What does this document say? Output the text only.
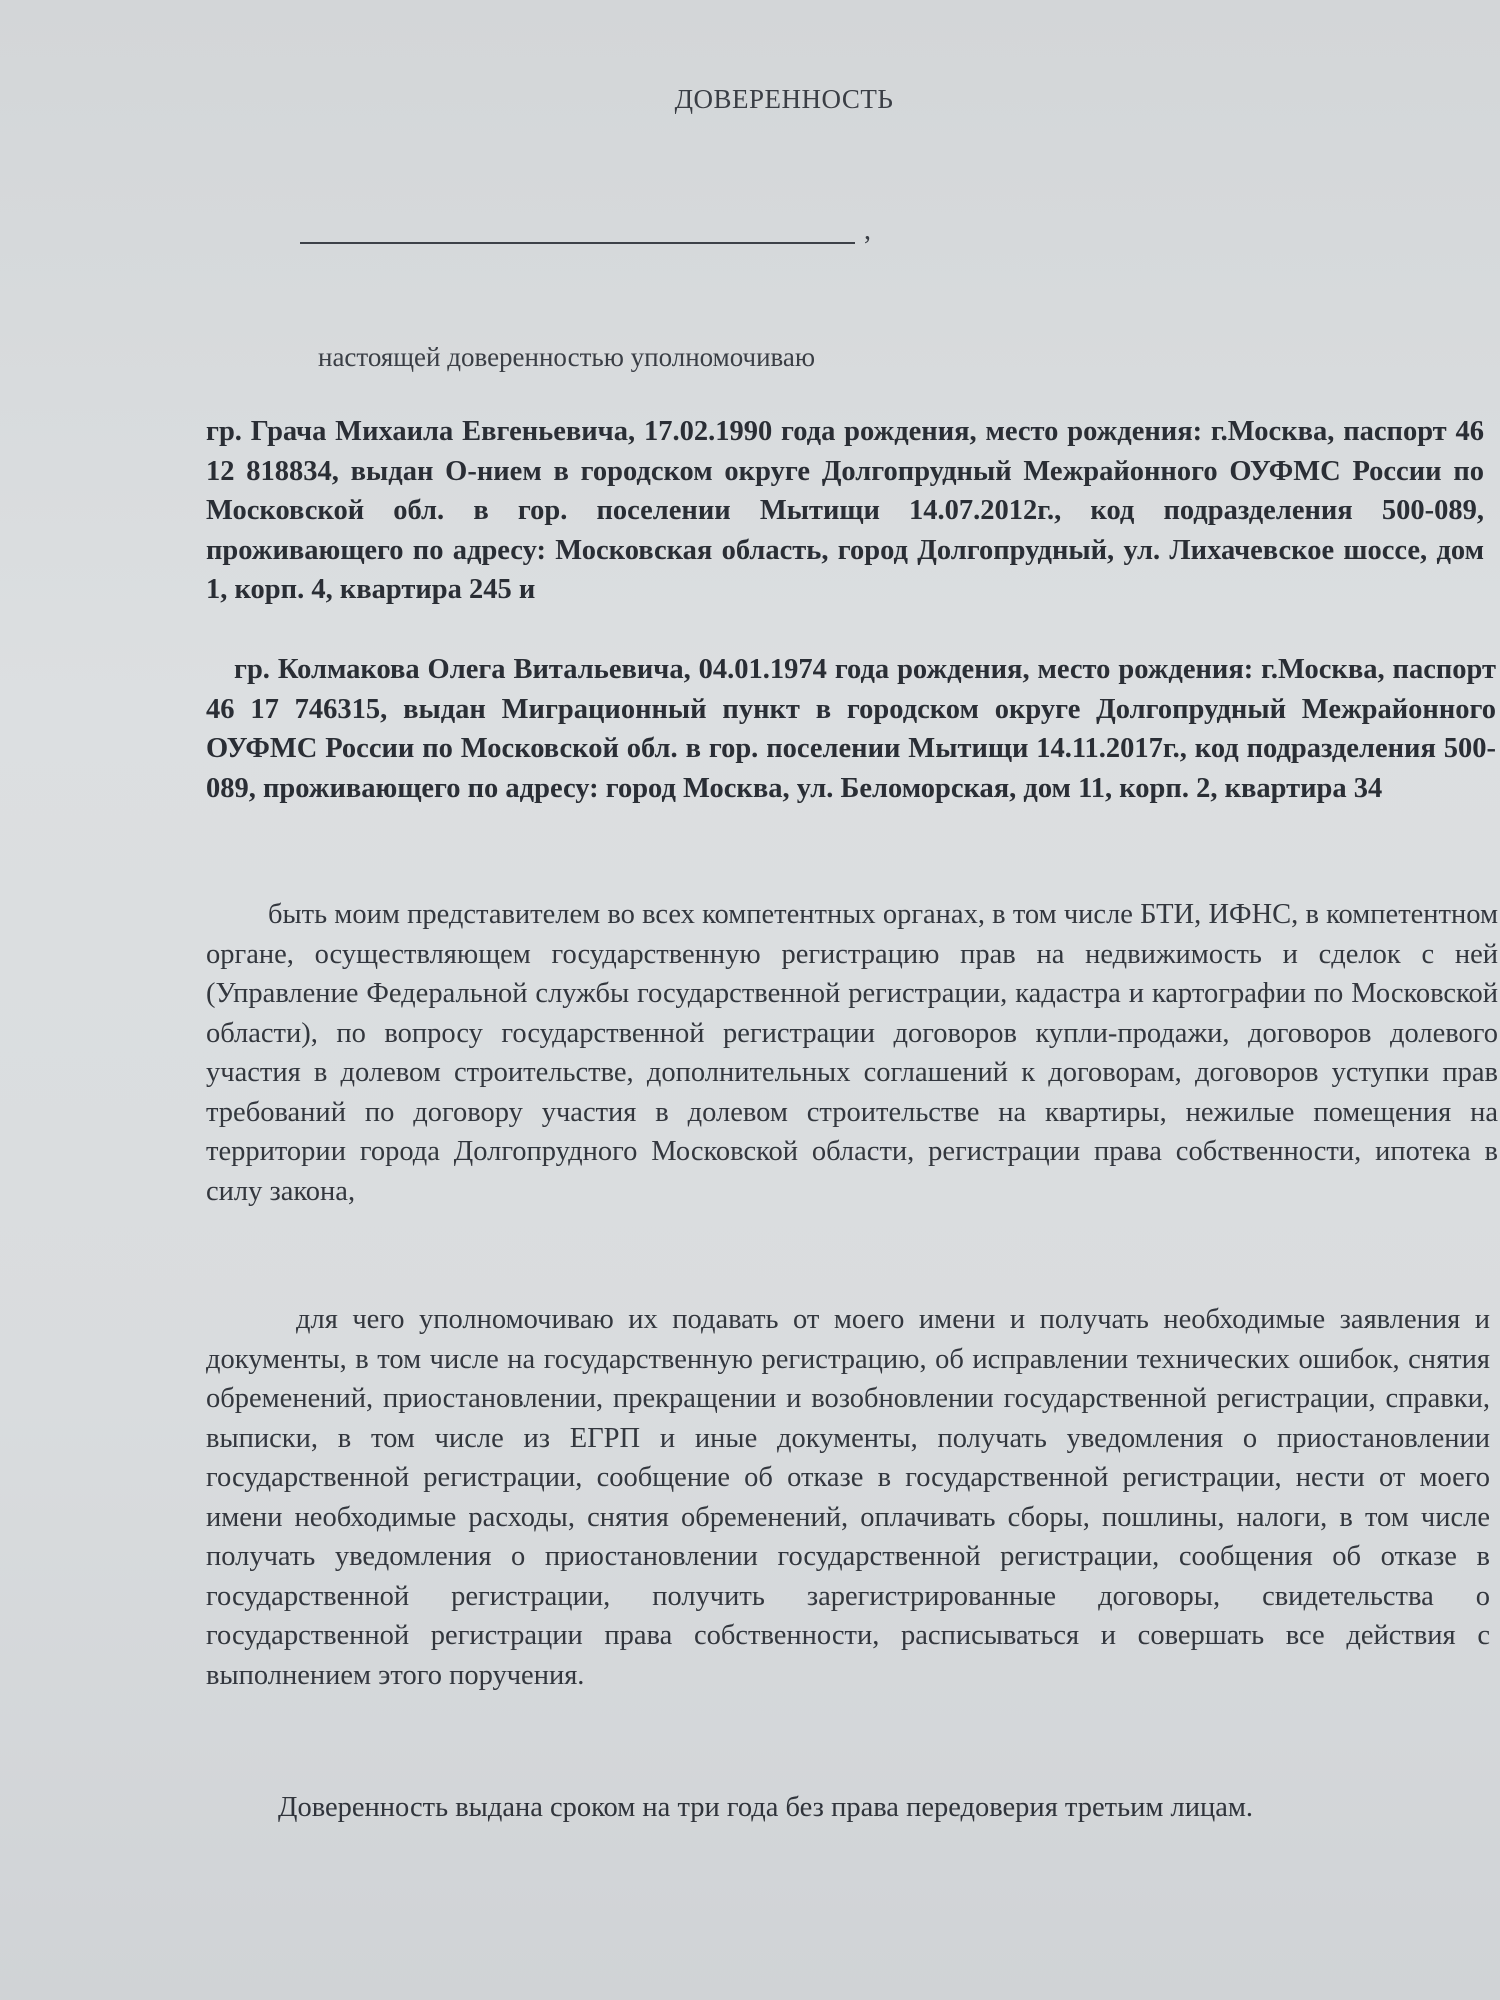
ДОВЕРЕННОСТЬ
,

настоящей доверенностью уполномочиваю

гр. Грача Михаила Евгеньевича, 17.02.1990 года рождения, место рождения: г.Москва, паспорт 46 12 818834, выдан О-нием в городском округе Долгопрудный Межрайонного ОУФМС России по Московской обл. в гор. поселении Мытищи 14.07.2012г., код подразделения 500-089, проживающего по адресу: Московская область, город Долгопрудный, ул. Лихачевское шоссе, дом 1, корп. 4, квартира 245 и

гр. Колмакова Олега Витальевича, 04.01.1974 года рождения, место рождения: г.Москва, паспорт 46 17 746315, выдан Миграционный пункт в городском округе Долгопрудный Межрайонного ОУФМС России по Московской обл. в гор. поселении Мытищи 14.11.2017г., код подразделения 500-089, проживающего по адресу: город Москва, ул. Беломорская, дом 11, корп. 2, квартира 34

быть моим представителем во всех компетентных органах, в том числе БТИ, ИФНС, в компетентном органе, осуществляющем государственную регистрацию прав на недвижимость и сделок с ней (Управление Федеральной службы государственной регистрации, кадастра и картографии по Московской области), по вопросу государственной регистрации договоров купли-продажи, договоров долевого участия в долевом строительстве, дополнительных соглашений к договорам, договоров уступки прав требований по договору участия в долевом строительстве на квартиры, нежилые помещения на территории города Долгопрудного Московской области, регистрации права собственности, ипотека в силу закона,

для чего уполномочиваю их подавать от моего имени и получать необходимые заявления и документы, в том числе на государственную регистрацию, об исправлении технических ошибок, снятия обременений, приостановлении, прекращении и возобновлении государственной регистрации, справки, выписки, в том числе из ЕГРП и иные документы, получать уведомления о приостановлении государственной регистрации, сообщение об отказе в государственной регистрации, нести от моего имени необходимые расходы, снятия обременений, оплачивать сборы, пошлины, налоги, в том числе получать уведомления о приостановлении государственной регистрации, сообщения об отказе в государственной регистрации, получить зарегистрированные договоры, свидетельства о государственной регистрации права собственности, расписываться и совершать все действия с выполнением этого поручения.

Доверенность выдана сроком на три года без права передоверия третьим лицам.
